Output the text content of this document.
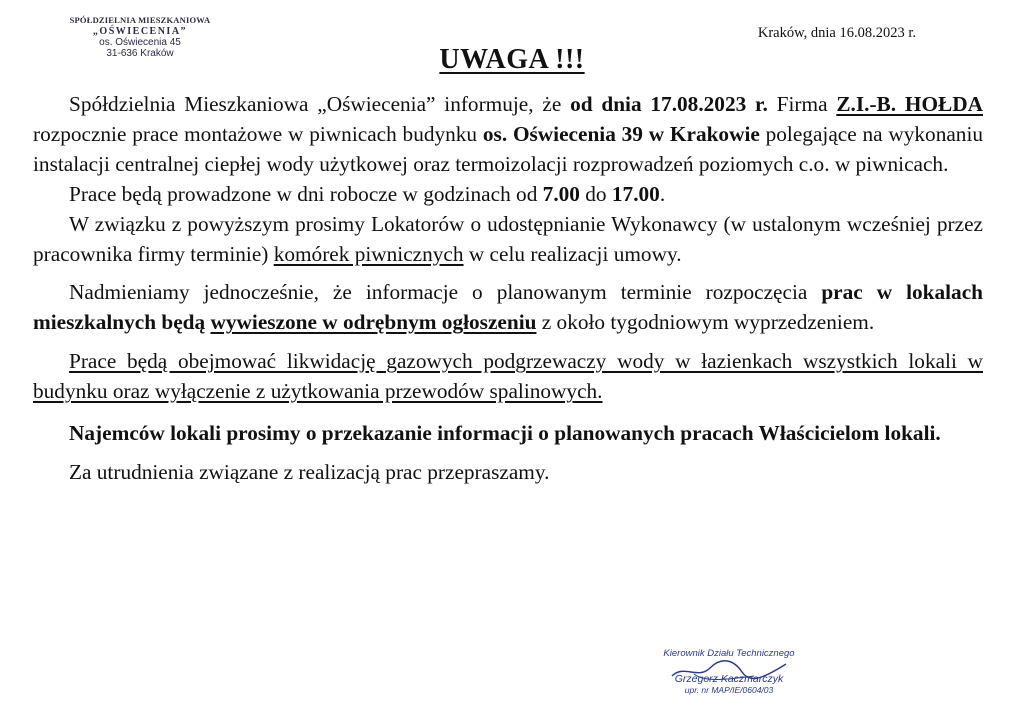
SPÓŁDZIELNIA MIESZKANIOWA
„OŚWIECENIA”
os. Oświecenia 45
31-636 Kraków
Kraków, dnia 16.08.2023 r.
UWAGA !!!

Spółdzielnia Mieszkaniowa „Oświecenia” informuje, że od dnia 17.08.2023 r. Firma Z.I.-B. HOŁDA rozpocznie prace montażowe w piwnicach budynku os. Oświecenia 39 w Krakowie polegające na wykonaniu instalacji centralnej ciepłej wody użytkowej oraz termoizolacji rozprowadzeń poziomych c.o. w piwnicach.

Prace będą prowadzone w dni robocze w godzinach od 7.00 do 17.00.

W związku z powyższym prosimy Lokatorów o udostępnianie Wykonawcy (w ustalonym wcześniej przez pracownika firmy terminie) komórek piwnicznych w celu realizacji umowy.

Nadmieniamy jednocześnie, że informacje o planowanym terminie rozpoczęcia prac w lokalach mieszkalnych będą wywieszone w odrębnym ogłoszeniu z około tygodniowym wyprzedzeniem.

Prace będą obejmować likwidację gazowych podgrzewaczy wody w łazienkach wszystkich lokali w budynku oraz wyłączenie z użytkowania przewodów spalinowych.

Najemców lokali prosimy o przekazanie informacji o planowanych pracach Właścicielom lokali.

Za utrudnienia związane z realizacją prac przepraszamy.

Kierownik Działu Technicznego
Grzegorz Kaczmarczyk
upr. nr MAP/IE/0604/03
